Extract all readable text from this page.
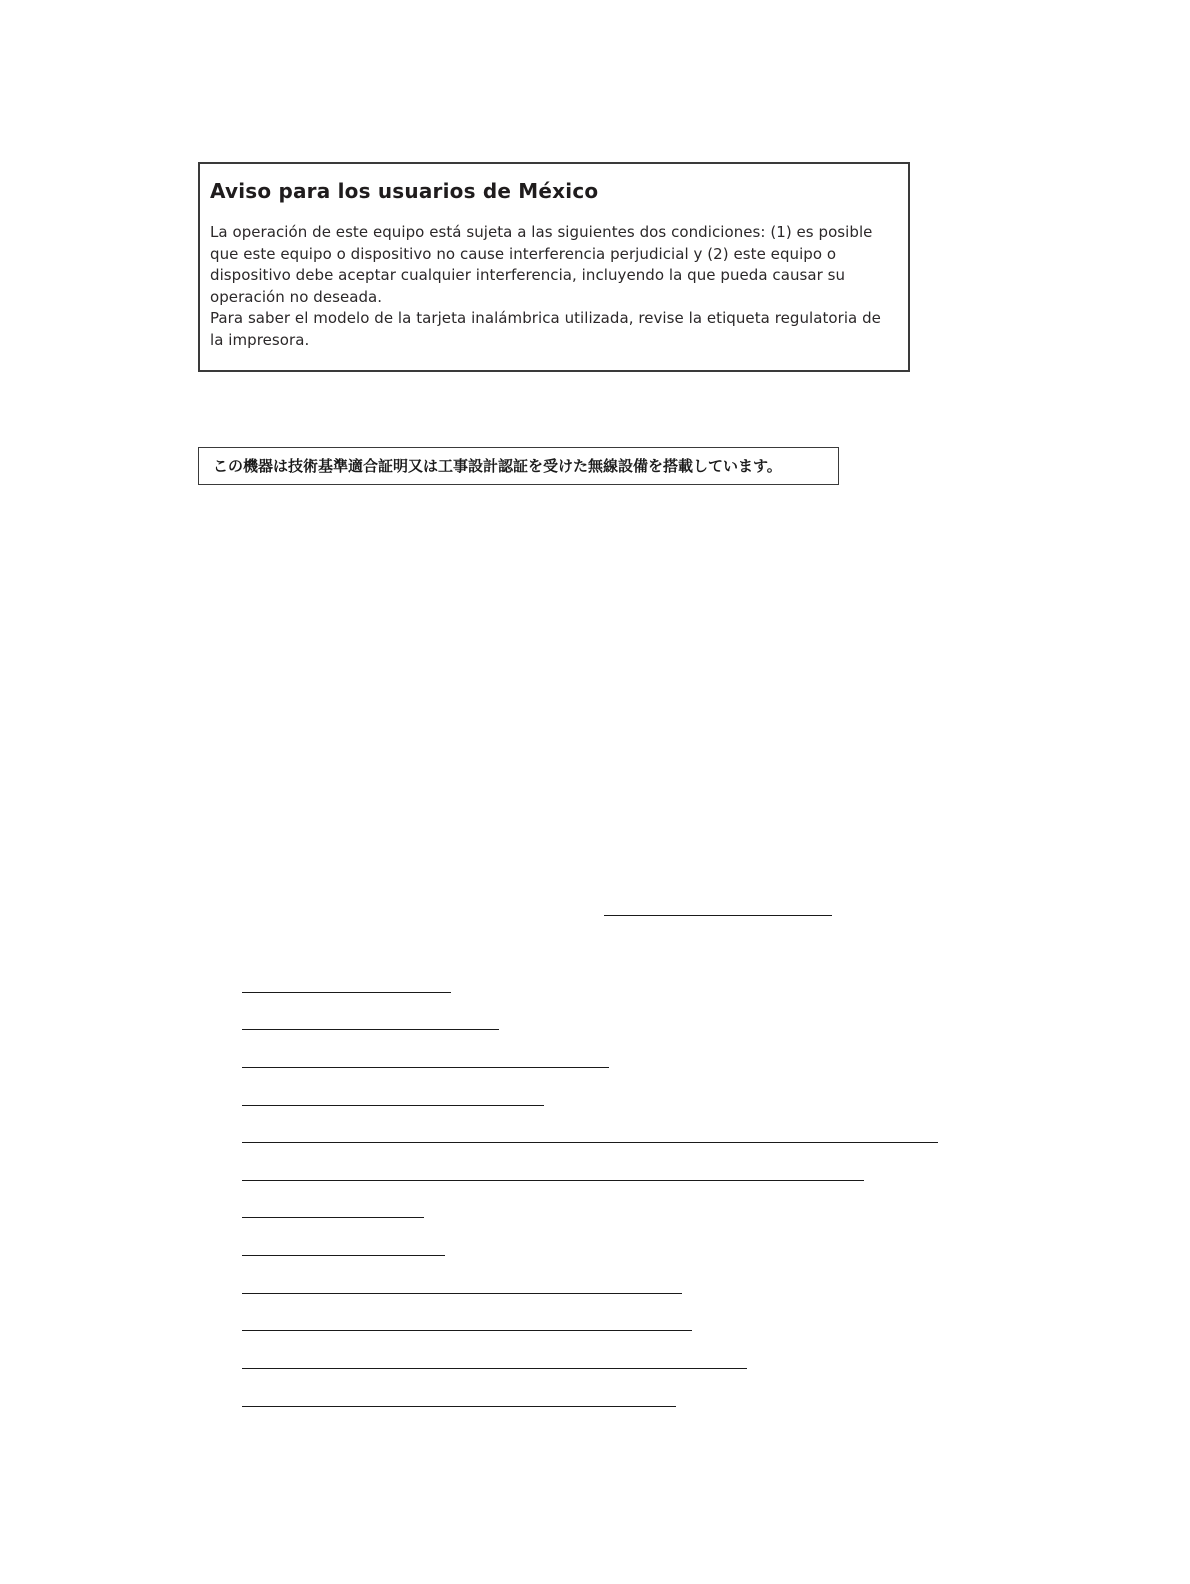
Aviso para los usuarios de México

La operación de este equipo está sujeta a las siguientes dos condiciones: (1) es posible

que este equipo o dispositivo no cause interferencia perjudicial y (2) este equipo o

dispositivo debe aceptar cualquier interferencia, incluyendo la que pueda causar su

operación no deseada.

Para saber el modelo de la tarjeta inalámbrica utilizada, revise la etiqueta regulatoria de

la impresora.

この機器は技術基準適合証明又は工事設計認証を受けた無線設備を搭載しています。
